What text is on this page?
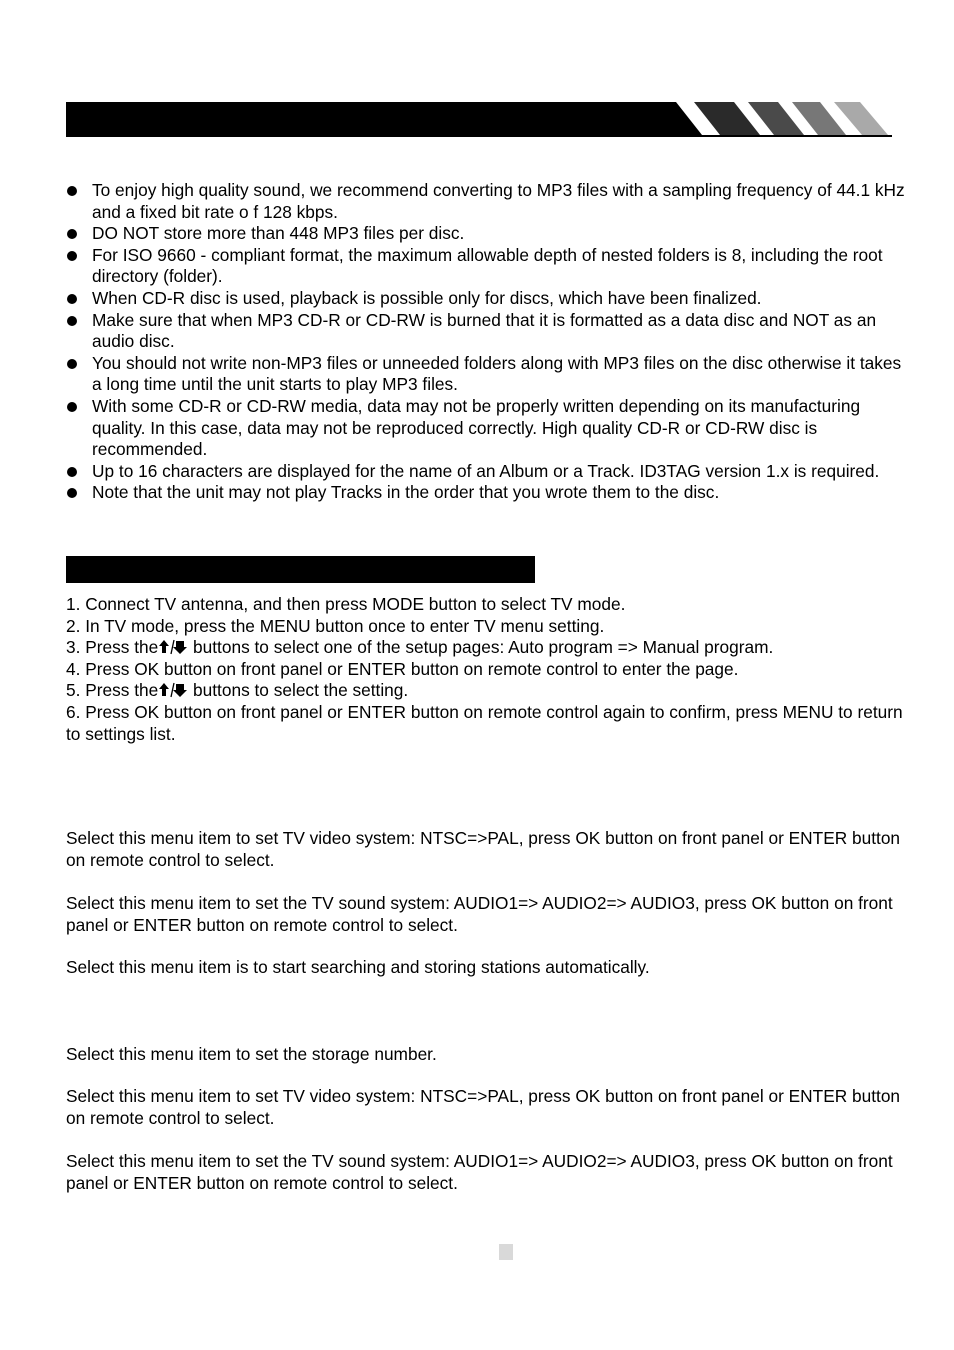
To enjoy high quality sound, we recommend converting to MP3 files with a sampling frequency of 44.1 kHz and a fixed bit rate o f 128 kbps.
DO NOT store more than 448 MP3 files per disc.
For ISO 9660 - compliant format, the maximum allowable depth of nested folders is 8, including the root directory (folder).
When CD-R disc is used, playback is possible only for discs, which have been finalized.
Make sure that when MP3 CD-R or CD-RW is burned that it is formatted as a data disc and NOT as an audio disc.
You should not write non-MP3 files or unneeded folders along with MP3 files on the disc otherwise it takes a long time until the unit starts to play MP3 files.
With some CD-R or CD-RW media, data may not be properly written depending on its manufacturing quality. In this case, data may not be reproduced correctly. High quality CD-R or CD-RW disc is recommended.
Up to 16 characters are displayed for the name of an Album or a Track. ID3TAG version 1.x is required.
Note that the unit may not play Tracks in the order that you wrote them to the disc.

1. Connect TV antenna, and then press MODE button to select TV mode.

2. In TV mode, press the MENU button once to enter TV menu setting.

3. Press the buttons to select one of the setup pages: Auto program => Manual program.

4. Press OK button on front panel or ENTER button on remote control to enter the page.

5. Press the buttons to select the setting.

6. Press OK button on front panel or ENTER button on remote control again to confirm, press MENU to return to settings list.

Select this menu item to set TV video system: NTSC=>PAL, press OK button on front panel or ENTER button on remote control to select.

Select this menu item to set the TV sound system: AUDIO1=> AUDIO2=> AUDIO3, press OK button on front panel or ENTER button on remote control to select.

Select this menu item is to start searching and storing stations automatically.

Select this menu item to set the storage number.

Select this menu item to set TV video system: NTSC=>PAL, press OK button on front panel or ENTER button on remote control to select.

Select this menu item to set the TV sound system: AUDIO1=> AUDIO2=> AUDIO3, press OK button on front panel or ENTER button on remote control to select.
